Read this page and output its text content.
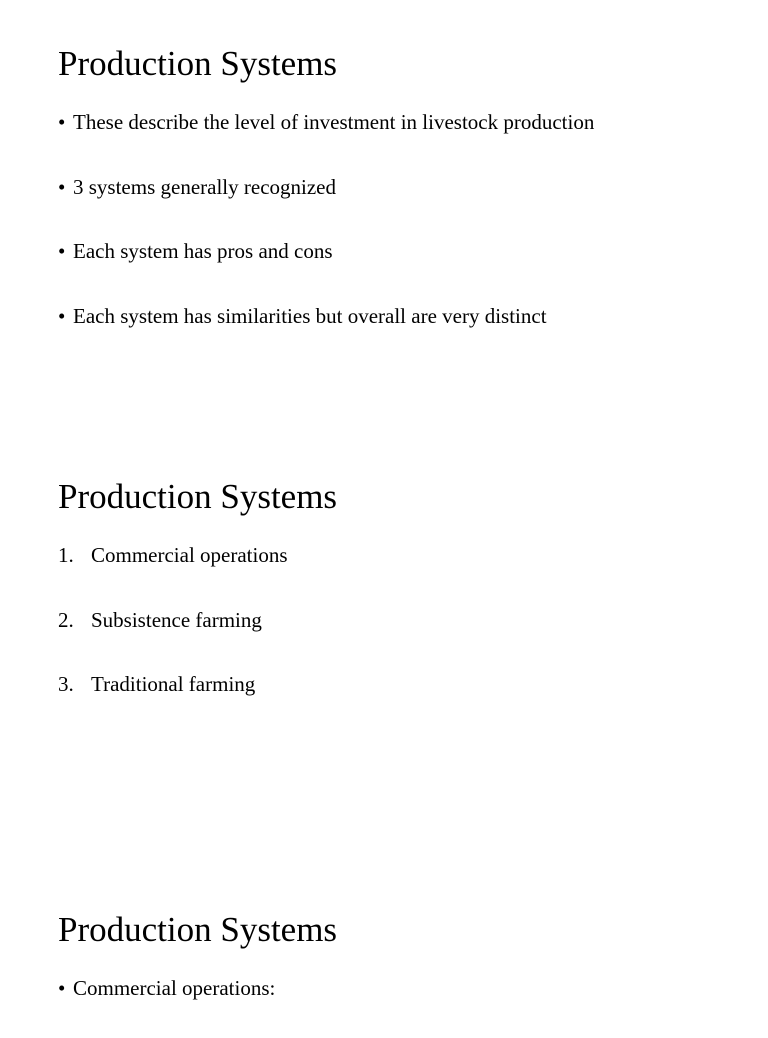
Production Systems
• These describe the level of investment in livestock production
• 3 systems generally recognized
• Each system has pros and cons
• Each system has similarities but overall are very distinct
Production Systems
1. Commercial operations
2. Subsistence farming
3. Traditional farming
Production Systems
• Commercial operations:
